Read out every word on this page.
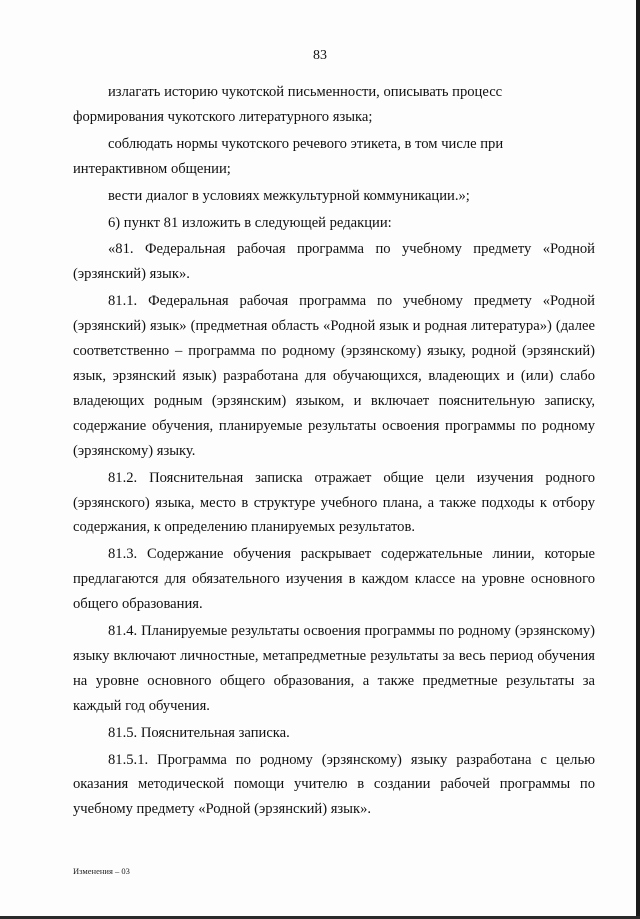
83

излагать историю чукотской письменности, описывать процесс формирования чукотского литературного языка;

соблюдать нормы чукотского речевого этикета, в том числе при интерактивном общении;

вести диалог в условиях межкультурной коммуникации.»;

6) пункт 81 изложить в следующей редакции:

«81. Федеральная рабочая программа по учебному предмету «Родной (эрзянский) язык».

81.1. Федеральная рабочая программа по учебному предмету «Родной (эрзянский) язык» (предметная область «Родной язык и родная литература») (далее соответственно – программа по родному (эрзянскому) языку, родной (эрзянский) язык, эрзянский язык) разработана для обучающихся, владеющих и (или) слабо владеющих родным (эрзянским) языком, и включает пояснительную записку, содержание обучения, планируемые результаты освоения программы по родному (эрзянскому) языку.

81.2. Пояснительная записка отражает общие цели изучения родного (эрзянского) языка, место в структуре учебного плана, а также подходы к отбору содержания, к определению планируемых результатов.

81.3. Содержание обучения раскрывает содержательные линии, которые предлагаются для обязательного изучения в каждом классе на уровне основного общего образования.

81.4. Планируемые результаты освоения программы по родному (эрзянскому) языку включают личностные, метапредметные результаты за весь период обучения на уровне основного общего образования, а также предметные результаты за каждый год обучения.

81.5. Пояснительная записка.

81.5.1. Программа по родному (эрзянскому) языку разработана с целью оказания методической помощи учителю в создании рабочей программы по учебному предмету «Родной (эрзянский) язык».

Изменения – 03
